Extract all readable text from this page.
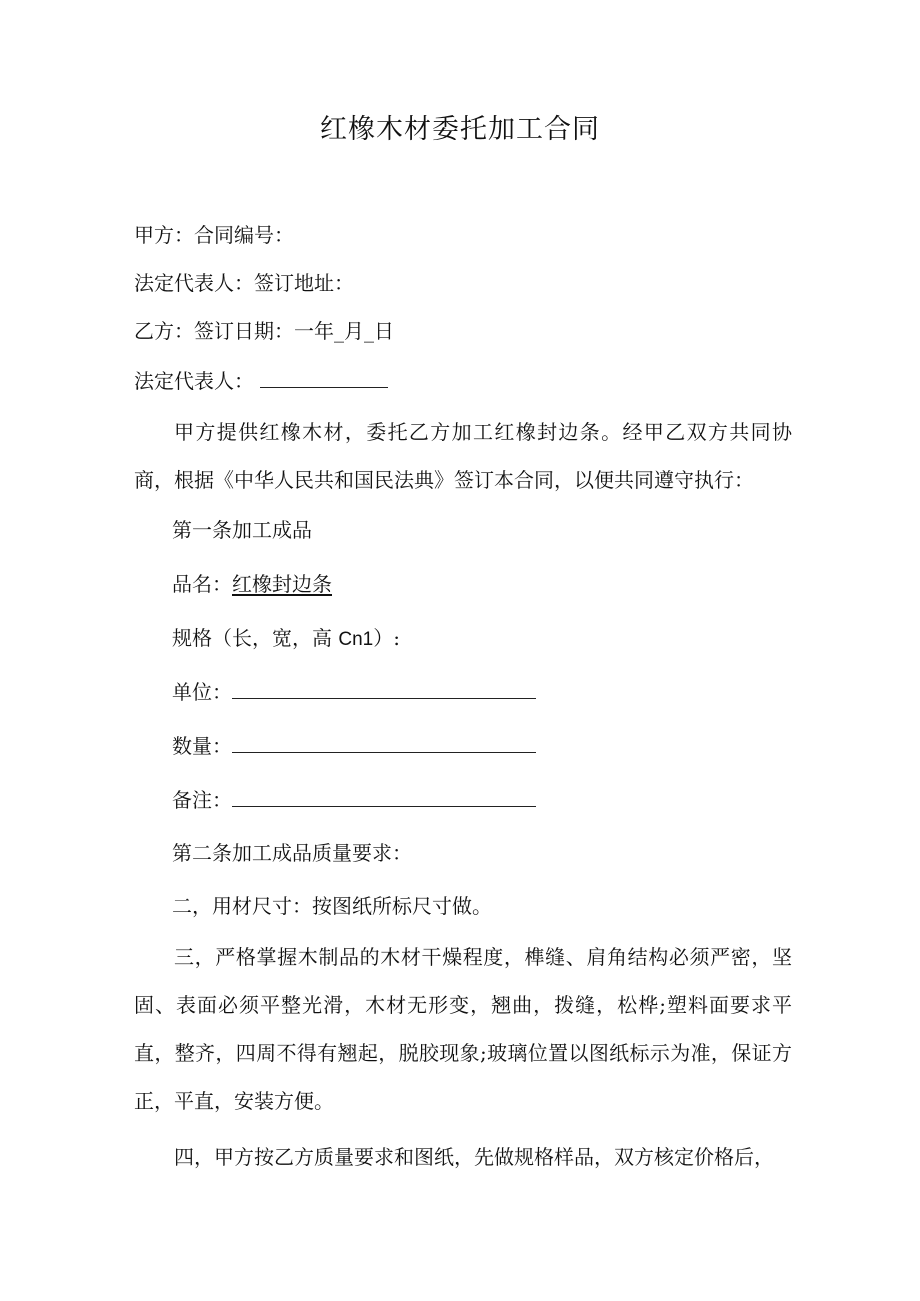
红橡木材委托加工合同
甲方：合同编号：
法定代表人：签订地址：
乙方：签订日期：一年_月_日
法定代表人：

甲方提供红橡木材，委托乙方加工红橡封边条。经甲乙双方共同协商，根据《中华人民共和国民法典》签订本合同，以便共同遵守执行：

第一条加工成品
品名：红橡封边条
规格（长，宽，高 Cn1）:
单位：
数量：
备注：
第二条加工成品质量要求：
二，用材尺寸：按图纸所标尺寸做。

三，严格掌握木制品的木材干燥程度，榫缝、肩角结构必须严密，坚固、表面必须平整光滑，木材无形变，翘曲，拨缝，松桦;塑料面要求平直，整齐，四周不得有翘起，脱胶现象;玻璃位置以图纸标示为准，保证方正，平直，安装方便。

四，甲方按乙方质量要求和图纸，先做规格样品，双方核定价格后，
